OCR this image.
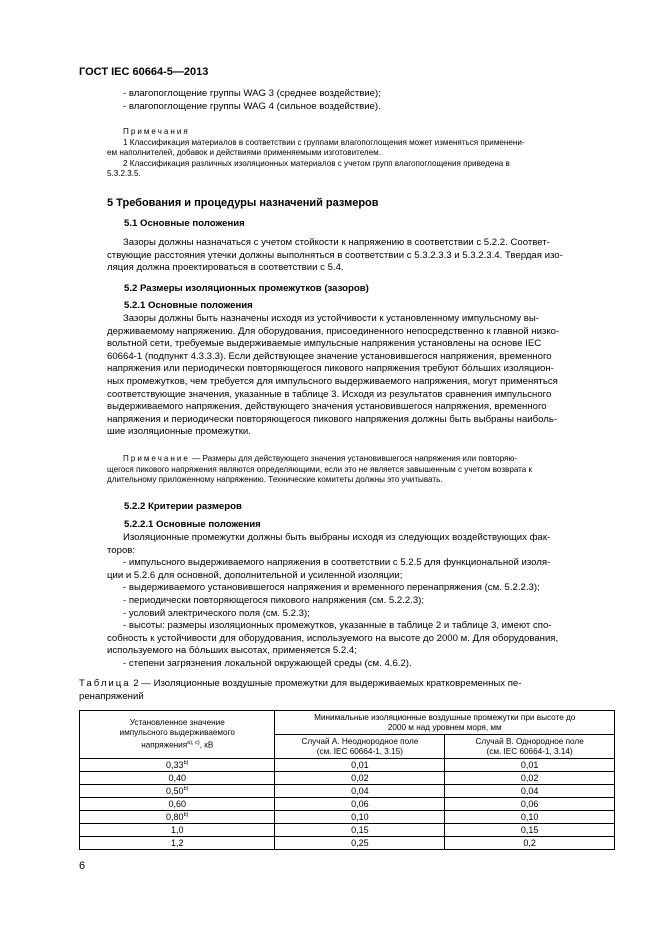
ГОСТ IEC 60664-5—2013
- влагопоглощение группы WAG 3 (среднее воздействие);
- влагопоглощение группы WAG 4 (сильное воздействие).
Примечания
1 Классификация материалов в соответствии с группами влагопоглощения может изменяться применени-
ем наполнителей, добавок и действиями применяемыми изготовителем.
2 Классификация различных изоляционных материалов с учетом групп влагопоглощения приведена в
5.3.2.3.5.
5 Требования и процедуры назначений размеров
5.1 Основные положения
Зазоры должны назначаться с учетом стойкости к напряжению в соответствии с 5.2.2. Соответ-
ствующие расстояния утечки должны выполняться в соответствии с 5.3.2.3.3 и 5.3.2.3.4. Твердая изо-
ляция должна проектироваться в соответствии с 5.4.
5.2 Размеры изоляционных промежутков (зазоров)
5.2.1 Основные положения
Зазоры должны быть назначены исходя из устойчивости к установленному импульсному вы-
держиваемому напряжению. Для оборудования, присоединенного непосредственно к главной низко-
вольтной сети, требуемые выдерживаемые импульсные напряжения установлены на основе IEC
60664-1 (подпункт 4.3.3.3). Если действующее значение установившегося напряжения, временного
напряжения или периодически повторяющегося пикового напряжения требуют бóльших изоляцион-
ных промежутков, чем требуется для импульсного выдерживаемого напряжения, могут применяться
соответствующие значения, указанные в таблице 3. Исходя из результатов сравнения импульсного
выдерживаемого напряжения, действующего значения установившегося напряжения, временного
напряжения и периодически повторяющегося пикового напряжения должны быть выбраны наиболь-
шие изоляционные промежутки.
Примечание — Размеры для действующего значения установившегося напряжения или повторяю-
щегося пикового напряжения являются определяющими, если это не является завышенным с учетом возврата к
длительному приложенному напряжению. Технические комитеты должны это учитывать.
5.2.2 Критерии размеров
5.2.2.1 Основные положения
Изоляционные промежутки должны быть выбраны исходя из следующих воздействующих фак-
торов:
- импульсного выдерживаемого напряжения в соответствии с 5.2.5 для функциональной изоля-
ции и 5.2.6 для основной, дополнительной и усиленной изоляции;
- выдерживаемого установившегося напряжения и временного перенапряжения (см. 5.2.2.3);
- периодически повторяющегося пикового напряжения (см. 5.2.2.3);
- условий электрического поля (см. 5.2.3);
- высоты: размеры изоляционных промежутков, указанные в таблице 2 и таблице 3, имеют спо-
собность к устойчивости для оборудования, используемого на высоте до 2000 м. Для оборудования,
используемого на бóльших высотах, применяется 5.2.4;
- степени загрязнения локальной окружающей среды (см. 4.6.2).
Таблица 2 — Изоляционные воздушные промежутки для выдерживаемых кратковременных пе-
ренапряжений
Установленное значение
импульсного выдерживаемого
напряжения$^{а), с)}$, кВ	Минимальные изоляционные воздушные промежутки при высоте до
2000 м над уровнем моря, мм	

	Случай А. Неоднородное поле
(см. IEC 60664-1, 3.15)	Случай В. Однородное поле
(см. IEC 60664-1, 3.14)

0,33$^{b)}$	0,01	0,01
0,40	0,02	0,02
0,50$^{b)}$	0,04	0,04
0,60	0,06	0,06
0,80$^{b)}$	0,10	0,10
1,0	0,15	0,15
1,2	0,25	0,2
6
